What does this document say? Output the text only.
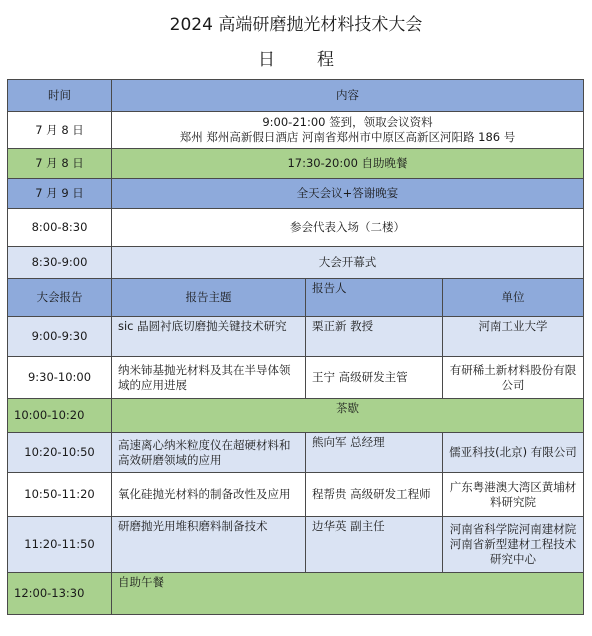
2024 高端研磨抛光材料技术大会
日程
时间	内容		
7 月 8 日	9:00-21:00 签到，领取会议资料
郑州 郑州高新假日酒店 河南省郑州市中原区高新区河阳路 186 号		

7 月 8 日	17:30-20:00 自助晚餐		
7 月 9 日	全天会议+答谢晚宴		
8:00-8:30	参会代表入场（二楼）		
8:30-9:00	大会开幕式		
大会报告	报告主题	报告人	单位
9:00-9:30	sic 晶圆衬底切磨抛关键技术研究	栗正新 教授	河南工业大学
9:30-10:00	纳米铈基抛光材料及其在半导体领域的应用进展	王宁 高级研发主管	有研稀土新材料股份有限公司
10:00-10:20	茶歇		
10:20-10:50	高速离心纳米粒度仪在超硬材料和高效研磨领域的应用	熊向军 总经理	儒亚科技(北京) 有限公司
10:50-11:20	氧化硅抛光材料的制备改性及应用	程帮贵 高级研发工程师	广东粤港澳大湾区黄埔材料研究院
11:20-11:50	研磨抛光用堆积磨料制备技术	边华英 副主任	河南省科学院河南建材院河南省新型建材工程技术研究中心
12:00-13:30	自助午餐		
